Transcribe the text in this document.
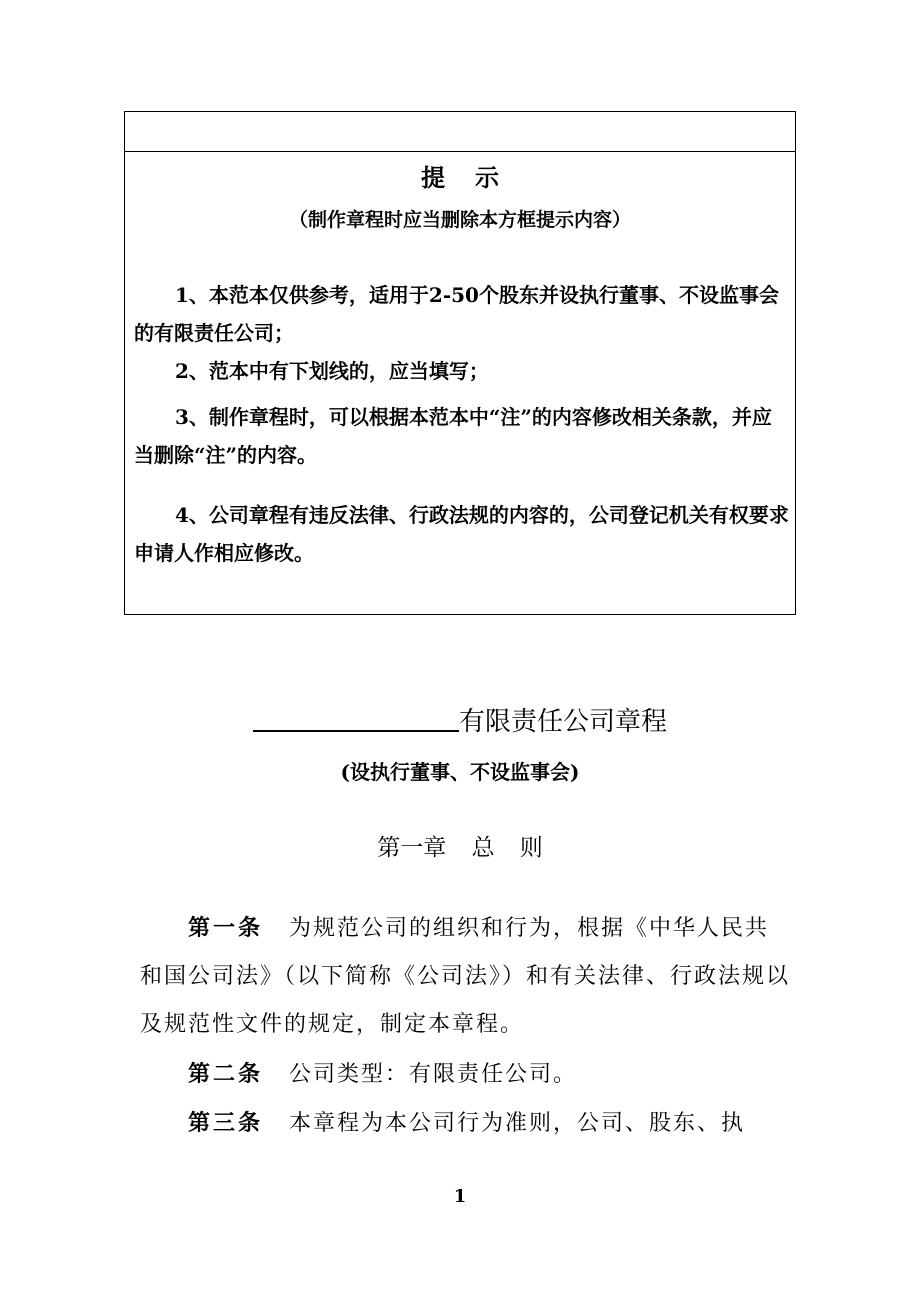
提示
（制作章程时应当删除本方框提示内容）
1、本范本仅供参考，适用于2-50个股东并设执行董事、不设监事会的有限责任公司；
2、范本中有下划线的，应当填写；
3、制作章程时，可以根据本范本中“注”的内容修改相关条款，并应当删除“注”的内容。
4、公司章程有违反法律、行政法规的内容的，公司登记机关有权要求申请人作相应修改。
有限责任公司章程
(设执行董事、不设监事会)
第一章 总 则
第一条 为规范公司的组织和行为，根据《中华人民共和国公司法》（以下简称《公司法》）和有关法律、行政法规以及规范性文件的规定，制定本章程。
第二条 公司类型：有限责任公司。
第三条 本章程为本公司行为准则，公司、股东、执
1
